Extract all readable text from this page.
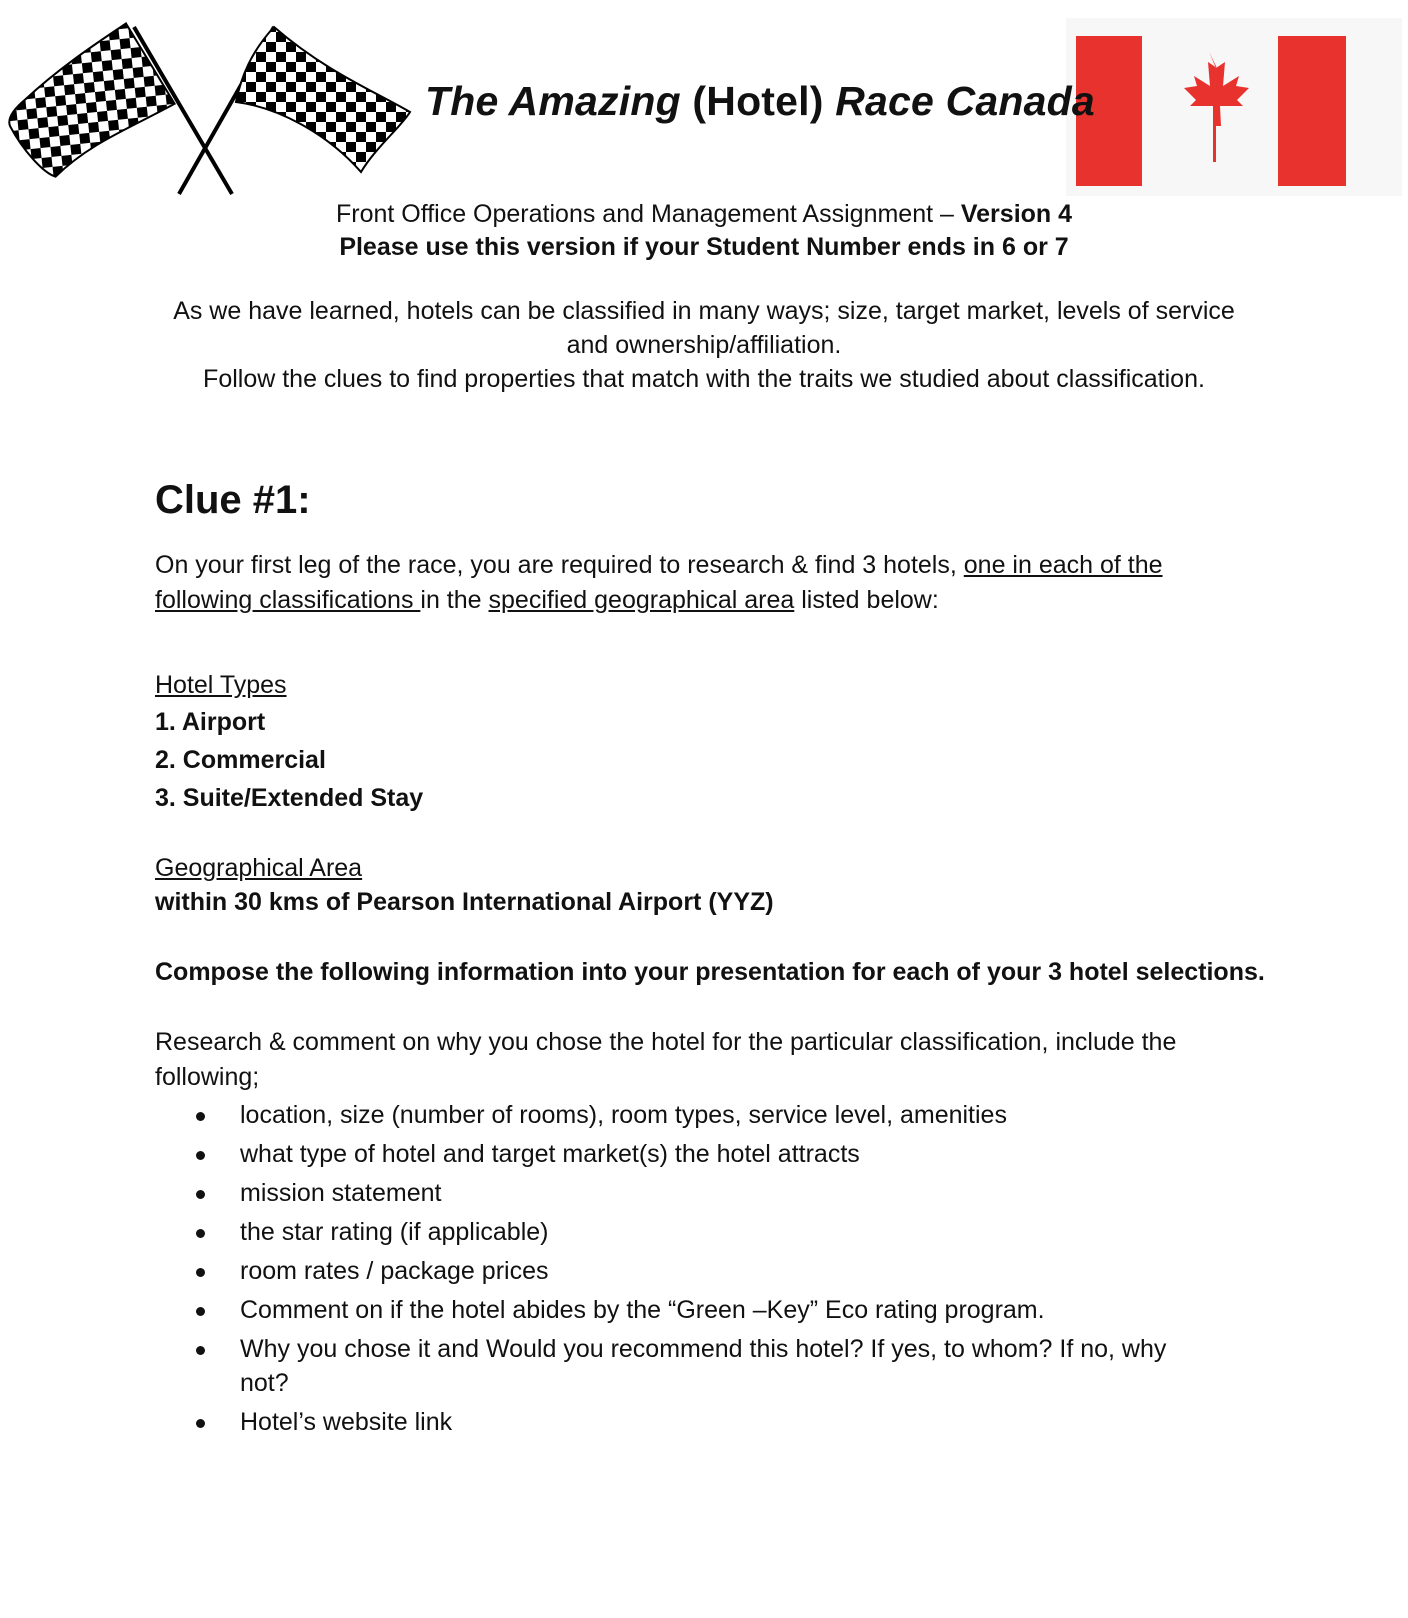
The Amazing (Hotel) Race Canada
Front Office Operations and Management Assignment – Version 4
Please use this version if your Student Number ends in 6 or 7
As we have learned, hotels can be classified in many ways; size, target market, levels of service
and ownership/affiliation.
Follow the clues to find properties that match with the traits we studied about classification.
Clue #1:
On your first leg of the race, you are required to research & find 3 hotels, one in each of the following classifications in the specified geographical area listed below:
Hotel Types
1. Airport
2. Commercial
3. Suite/Extended Stay
Geographical Area
within 30 kms of Pearson International Airport (YYZ)
Compose the following information into your presentation for each of your 3 hotel selections.
Research & comment on why you chose the hotel for the particular classification, include the following;
location, size (number of rooms), room types, service level, amenities
what type of hotel and target market(s) the hotel attracts
mission statement
the star rating (if applicable)
room rates / package prices
Comment on if the hotel abides by the “Green –Key” Eco rating program.
Why you chose it and Would you recommend this hotel? If yes, to whom? If no, why not?
Hotel’s website link
